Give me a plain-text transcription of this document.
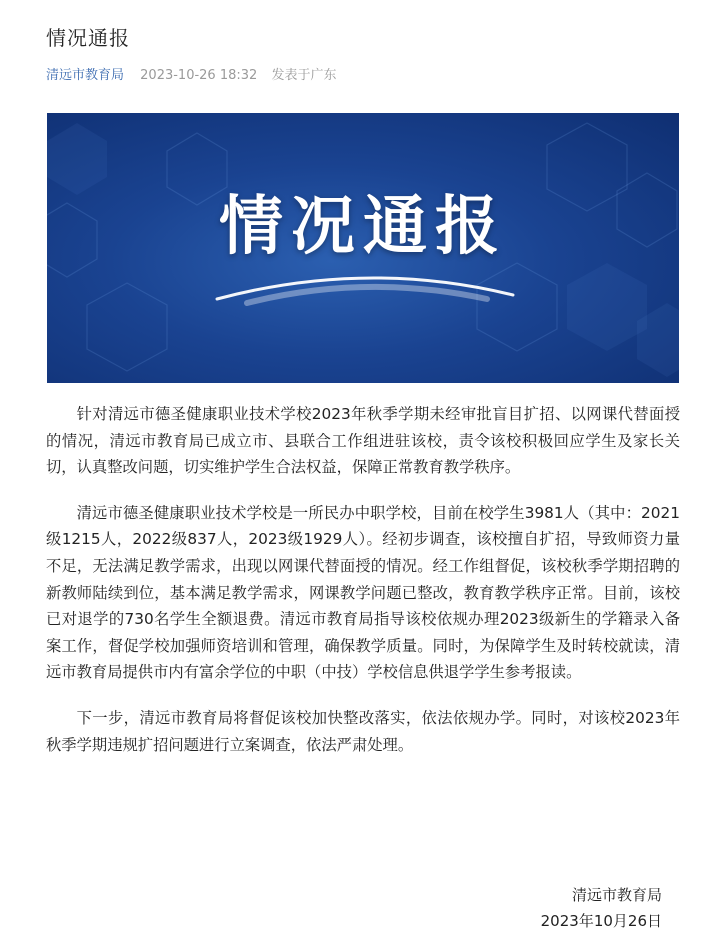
情况通报
清远市教育局 2023-10-26 18:32 发表于广东
情况通报

针对清远市德圣健康职业技术学校2023年秋季学期未经审批盲目扩招、以网课代替面授的情况，清远市教育局已成立市、县联合工作组进驻该校，责令该校积极回应学生及家长关切，认真整改问题，切实维护学生合法权益，保障正常教育教学秩序。

清远市德圣健康职业技术学校是一所民办中职学校，目前在校学生3981人（其中：2021级1215人，2022级837人，2023级1929人）。经初步调查，该校擅自扩招，导致师资力量不足，无法满足教学需求，出现以网课代替面授的情况。经工作组督促，该校秋季学期招聘的新教师陆续到位，基本满足教学需求，网课教学问题已整改，教育教学秩序正常。目前，该校已对退学的730名学生全额退费。清远市教育局指导该校依规办理2023级新生的学籍录入备案工作，督促学校加强师资培训和管理，确保教学质量。同时，为保障学生及时转校就读，清远市教育局提供市内有富余学位的中职（中技）学校信息供退学学生参考报读。

下一步，清远市教育局将督促该校加快整改落实，依法依规办学。同时，对该校2023年秋季学期违规扩招问题进行立案调查，依法严肃处理。

清远市教育局
2023年10月26日
